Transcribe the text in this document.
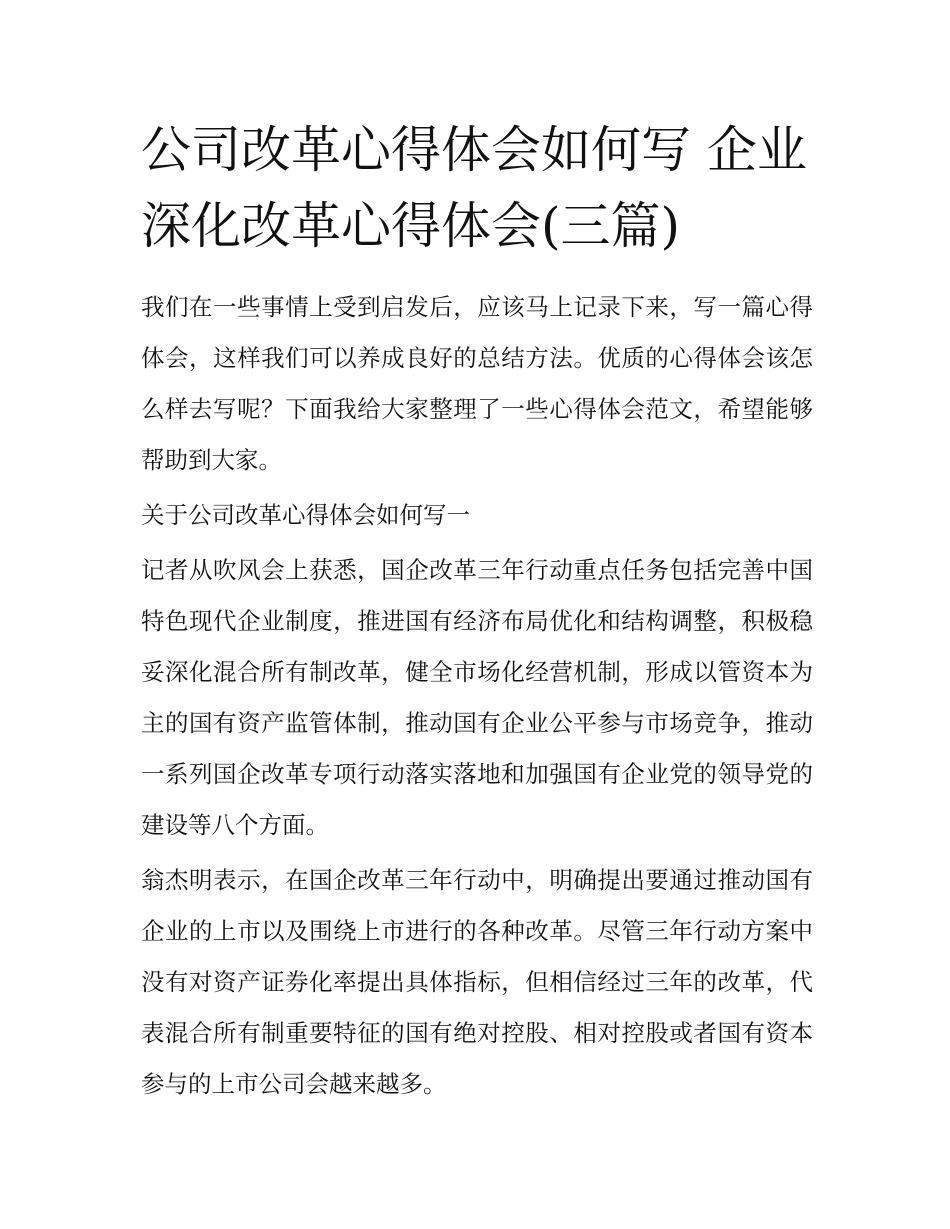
公司改革心得体会如何写 企业深化改革心得体会(三篇)

我们在一些事情上受到启发后，应该马上记录下来，写一篇心得体会，这样我们可以养成良好的总结方法。优质的心得体会该怎么样去写呢？下面我给大家整理了一些心得体会范文，希望能够帮助到大家。

关于公司改革心得体会如何写一

记者从吹风会上获悉，国企改革三年行动重点任务包括完善中国特色现代企业制度，推进国有经济布局优化和结构调整，积极稳妥深化混合所有制改革，健全市场化经营机制，形成以管资本为主的国有资产监管体制，推动国有企业公平参与市场竞争，推动一系列国企改革专项行动落实落地和加强国有企业党的领导党的建设等八个方面。

翁杰明表示，在国企改革三年行动中，明确提出要通过推动国有企业的上市以及围绕上市进行的各种改革。尽管三年行动方案中没有对资产证券化率提出具体指标，但相信经过三年的改革，代表混合所有制重要特征的国有绝对控股、相对控股或者国有资本参与的上市公司会越来越多。
